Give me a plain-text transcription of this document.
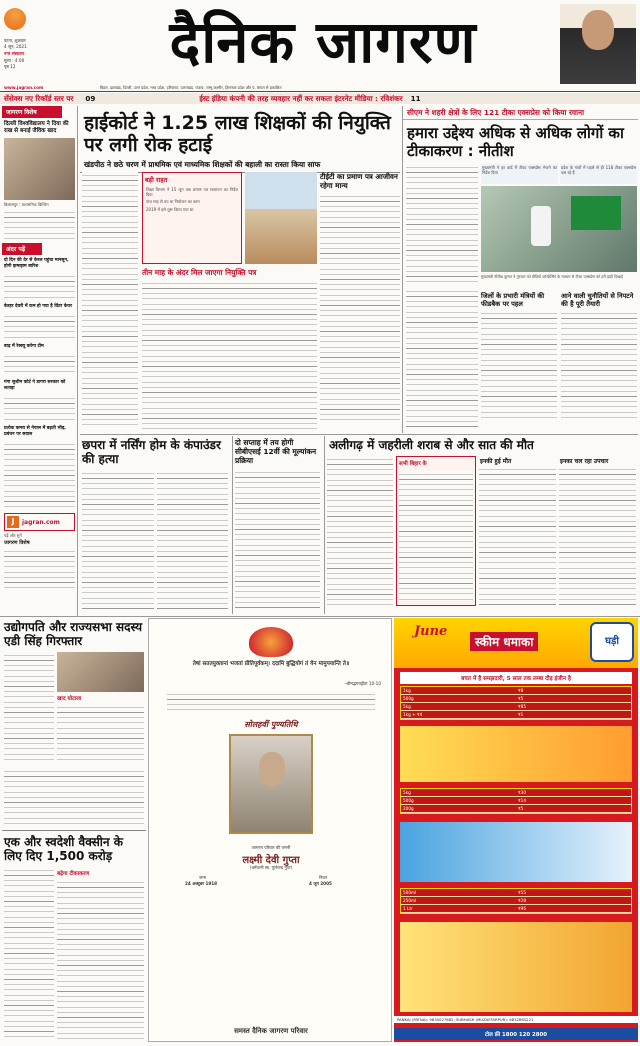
पटना, शुक्रवार
4 जून, 2021
नगर संस्करण
मूल्य : 4.00
पृष्ठ 12	दैनिक जागरण
www.jagran.com	बिहार, झारखंड, दिल्ली, उत्तर प्रदेश, मध्य प्रदेश, हरियाणा, उत्तराखंड, पंजाब, जम्मू-कश्मीर, हिमाचल प्रदेश और प. बंगाल से प्रकाशित
सेंसेक्स नए रिकॉर्ड स्तर पर	09	ईस्ट इंडिया कंपनी की तरह व्यवहार नहीं कर सकता इंटरनेट मीडिया : रविशंकर	11
जागरण विशेष
दिल्ली विश्वविद्यालय ने दिया की राख से बनाई जैविक खाद
बिलासपुर : प्रशासनिक बिल्डिंग
अंदर पढ़ें
दो दिन की देर से केरल पहुंचा मानसून, होगी झमाझम बारिश
बेतहर देवरी में कम हो गया है विंटर केयर
बाढ़ में रेस्क्यू करेगा टीम
गंगा सुशीम कोर्ट ने डागरा सरकार को लताड़ा
प्रत्येक कमरा से नेपाल में बढ़ती भीड़, प्रबंधन पर सवाल
J	jagran.com
पढ़ें और सुनें
जागरण विशेष
हाईकोर्ट ने 1.25 लाख शिक्षकों की नियुक्ति पर लगी रोक हटाई
खंडपीठ ने छठे चरण में प्राथमिक एवं माध्यमिक शिक्षकों की बहाली का रास्ता किया साफ
बड़ी राहत
शिक्षा विभाग ने 15 जून तक प्रमाण पत्र सत्यापन का निर्देश दिया
पांच माह से ठप था नियोजन का काम
2019 में इसे शुरू किया गया था
टीईटी का प्रमाण पत्र आजीवन रहेगा मान्य
तीन माह के अंदर मिल जाएगा नियुक्ति पत्र
सीएम ने शहरी क्षेत्रों के लिए 121 टीका एक्सप्रेस को किया रवाना
हमारा उद्देश्य अधिक से अधिक लोगों का टीकाकरण : नीतीश
मुख्यमंत्री ने हर वार्ड में टीका एक्सप्रेस भेजने का निर्देश दिया
प्रदेश के गांवों में पहले से ही 118 टीका एक्सप्रेस चल रहे हैं
मुख्यमंत्री नीतीश कुमार ने गुरुवार को वीडियो कॉन्फ्रेंसिंग के माध्यम से टीका एक्सप्रेस को हरी झंडी दिखाई
जिलों के प्रभारी मंत्रियों की फीडबैक पर पहल
आने वाली चुनौतियों से निपटने की है पूरी तैयारी
छपरा में नर्सिंग होम के कंपाउंडर की हत्या
दो सप्ताह में तय होगी सीबीएसई 12वीं की मूल्यांकन प्रक्रिया
अलीगढ़ में जहरीली शराब से और सात की मौत
सभी बिहार के	इनकी हुई मौत	इनका चल रहा उपचार
उद्योगपति और राज्यसभा सदस्य एडी सिंह गिरफ्तार
खाद घोटाला
एक और स्वदेशी वैक्सीन के लिए दिए 1,500 करोड़
बढ़ेगा टीकाकरण
तेषां सततयुक्तानां भजतां प्रीतिपूर्वकम्। ददामि बुद्धियोगं तं येन मामुपयान्ति ते॥
-श्रीमद्भगवद्गीता 10-10
सोलहवीं पुण्यतिथि
जागरण परिवार की जननी
लक्ष्मी देवी गुप्ता
(धर्मपत्नी स्व. पूर्णचन्द्र गुप्त)
जन्म
24 अक्टूबर 1918
निधन
4 जून 2005
समस्त दैनिक जागरण परिवार
June
स्कीम धमाका	घड़ी
बचत में है समझदारी, 5 साल तक लम्बा दौड़ इंजीन है
1kg	₹8
500g	₹5
5kg	₹85
1kg + ₹4	₹1
5kg	₹30
500g	₹14
200g	₹5
500ml	₹55
250ml	₹28
1 Ltr	₹96
PANKAJ (PATNA): 9835027682, SUBHASH (MUZAFFARPUR): 9832665221
टोल फ्री 1800 120 2800
